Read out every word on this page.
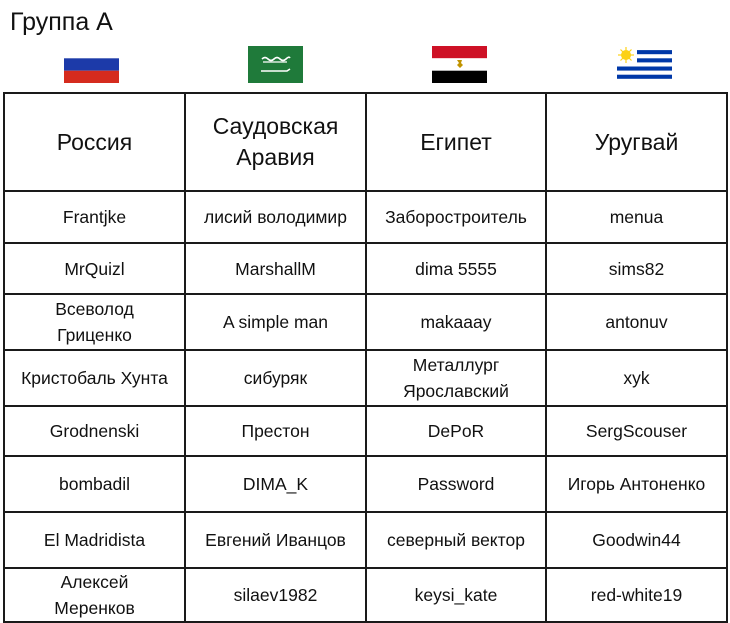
Группа А
Россия	Саудовская Аравия	Египет	Уругвай
Frantjke	лисий володимир	Заборостроитель	menua
MrQuizl	MarshallM	dima 5555	sims82
Всеволод Гриценко	A simple man	makaaay	antonuv
Кристобаль Хунта	сибуряк	Металлург Ярославский	xyk
Grodnenski	Престон	DePoR	SergScouser
bombadil	DIMA_K	Password	Игорь Антоненко
El Madridista	Евгений Иванцов	северный вектор	Goodwin44
Алексей Меренков	silaev1982	keysi_kate	red-white19
